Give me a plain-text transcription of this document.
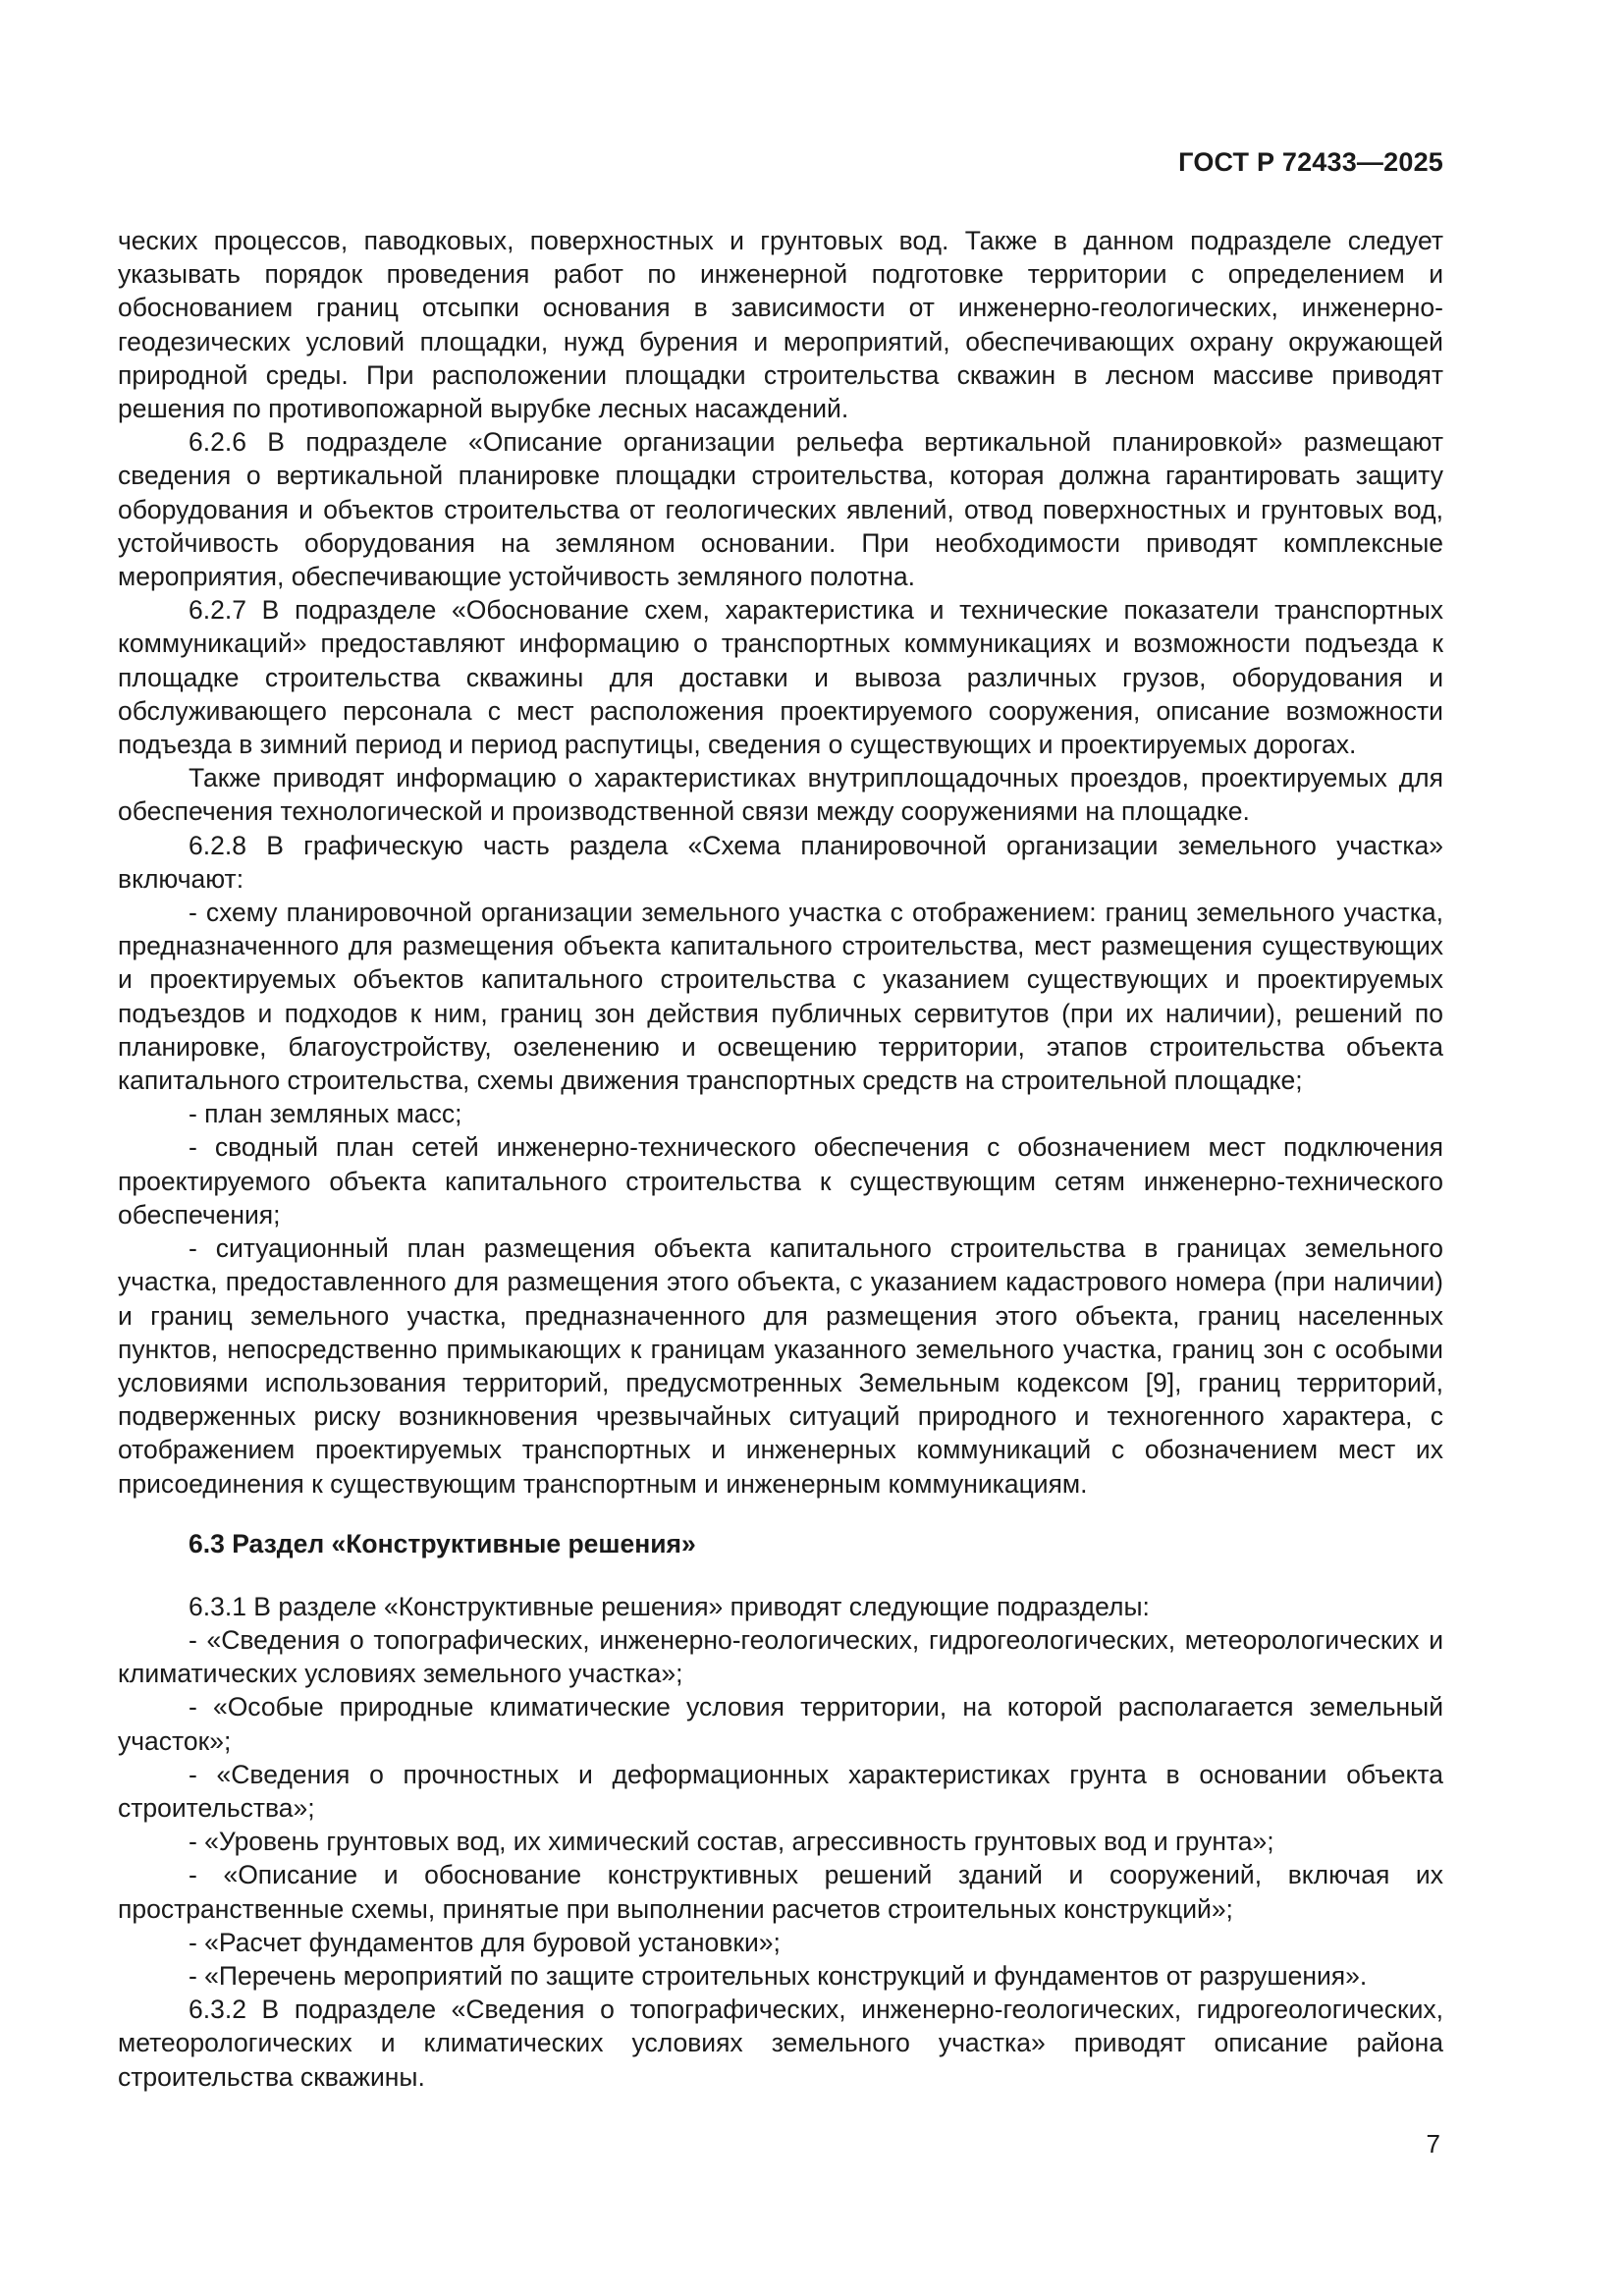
ГОСТ Р 72433—2025

ческих процессов, паводковых, поверхностных и грунтовых вод. Также в данном подразделе следует указывать порядок проведения работ по инженерной подготовке территории с определением и обоснованием границ отсыпки основания в зависимости от инженерно-геологических, инженерно-геодезических условий площадки, нужд бурения и мероприятий, обеспечивающих охрану окружающей природной среды. При расположении площадки строительства скважин в лесном массиве приводят решения по противопожарной вырубке лесных насаждений.

6.2.6 В подразделе «Описание организации рельефа вертикальной планировкой» размещают сведения о вертикальной планировке площадки строительства, которая должна гарантировать защиту оборудования и объектов строительства от геологических явлений, отвод поверхностных и грунтовых вод, устойчивость оборудования на земляном основании. При необходимости приводят комплексные мероприятия, обеспечивающие устойчивость земляного полотна.

6.2.7 В подразделе «Обоснование схем, характеристика и технические показатели транспортных коммуникаций» предоставляют информацию о транспортных коммуникациях и возможности подъезда к площадке строительства скважины для доставки и вывоза различных грузов, оборудования и обслуживающего персонала с мест расположения проектируемого сооружения, описание возможности подъезда в зимний период и период распутицы, сведения о существующих и проектируемых дорогах.

Также приводят информацию о характеристиках внутриплощадочных проездов, проектируемых для обеспечения технологической и производственной связи между сооружениями на площадке.

6.2.8 В графическую часть раздела «Схема планировочной организации земельного участка» включают:

- схему планировочной организации земельного участка с отображением: границ земельного участка, предназначенного для размещения объекта капитального строительства, мест размещения существующих и проектируемых объектов капитального строительства с указанием существующих и проектируемых подъездов и подходов к ним, границ зон действия публичных сервитутов (при их наличии), решений по планировке, благоустройству, озеленению и освещению территории, этапов строительства объекта капитального строительства, схемы движения транспортных средств на строительной площадке;

- план земляных масс;

- сводный план сетей инженерно-технического обеспечения с обозначением мест подключения проектируемого объекта капитального строительства к существующим сетям инженерно-технического обеспечения;

- ситуационный план размещения объекта капитального строительства в границах земельного участка, предоставленного для размещения этого объекта, с указанием кадастрового номера (при наличии) и границ земельного участка, предназначенного для размещения этого объекта, границ населенных пунктов, непосредственно примыкающих к границам указанного земельного участка, границ зон с особыми условиями использования территорий, предусмотренных Земельным кодексом [9], границ территорий, подверженных риску возникновения чрезвычайных ситуаций природного и техногенного характера, с отображением проектируемых транспортных и инженерных коммуникаций с обозначением мест их присоединения к существующим транспортным и инженерным коммуникациям.

6.3 Раздел «Конструктивные решения»

6.3.1 В разделе «Конструктивные решения» приводят следующие подразделы:

- «Сведения о топографических, инженерно-геологических, гидрогеологических, метеорологических и климатических условиях земельного участка»;

- «Особые природные климатические условия территории, на которой располагается земельный участок»;

- «Сведения о прочностных и деформационных характеристиках грунта в основании объекта строительства»;

- «Уровень грунтовых вод, их химический состав, агрессивность грунтовых вод и грунта»;

- «Описание и обоснование конструктивных решений зданий и сооружений, включая их пространственные схемы, принятые при выполнении расчетов строительных конструкций»;

- «Расчет фундаментов для буровой установки»;

- «Перечень мероприятий по защите строительных конструкций и фундаментов от разрушения».

6.3.2 В подразделе «Сведения о топографических, инженерно-геологических, гидрогеологических, метеорологических и климатических условиях земельного участка» приводят описание района строительства скважины.

7
